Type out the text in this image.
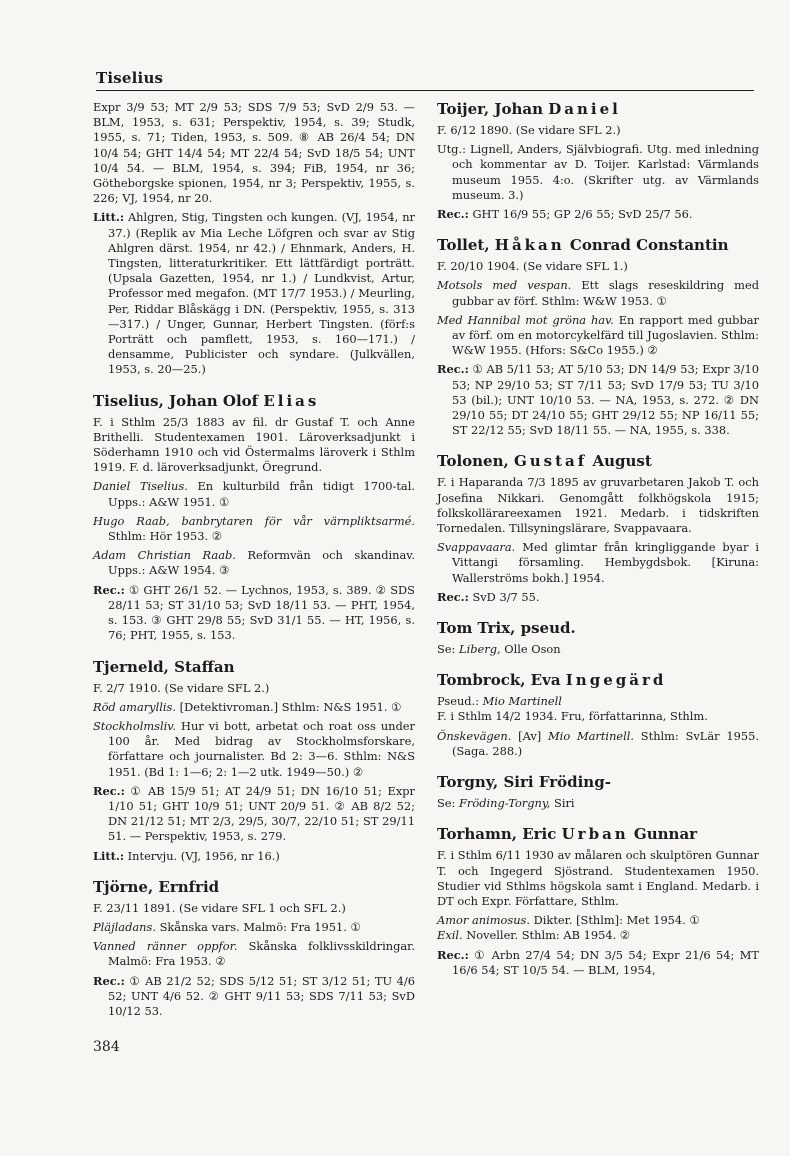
Tiselius

Expr 3/9 53; MT 2/9 53; SDS 7/9 53; SvD 2/9 53. — BLM, 1953, s. 631; Perspektiv, 1954, s. 39; Studk, 1955, s. 71; Tiden, 1953, s. 509. ⑧ AB 26/4 54; DN 10/4 54; GHT 14/4 54; MT 22/4 54; SvD 18/5 54; UNT 10/4 54. — BLM, 1954, s. 394; FiB, 1954, nr 36; Götheborgske spionen, 1954, nr 3; Perspektiv, 1955, s. 226; VJ, 1954, nr 20.

Litt.: Ahlgren, Stig, Tingsten och kungen. (VJ, 1954, nr 37.) (Replik av Mia Leche Löfgren och svar av Stig Ahlgren därst. 1954, nr 42.) / Ehnmark, Anders, H. Tingsten, litteraturkritiker. Ett lättfärdigt porträtt. (Upsala Gazetten, 1954, nr 1.) / Lundkvist, Artur, Professor med megafon. (MT 17/7 1953.) / Meurling, Per, Riddar Blåskägg i DN. (Perspektiv, 1955, s. 313—317.) / Unger, Gunnar, Herbert Tingsten. (förf:s Porträtt och pamflett, 1953, s. 160—171.) / densamme, Publicister och syndare. (Julkvällen, 1953, s. 20—25.)

Tiselius, Johan Olof Elias

F. i Sthlm 25/3 1883 av fil. dr Gustaf T. och Anne Brithelli. Studentexamen 1901. Läroverksadjunkt i Söderhamn 1910 och vid Östermalms läroverk i Sthlm 1919. F. d. läroverksadjunkt, Öregrund.

Daniel Tiselius. En kulturbild från tidigt 1700-tal. Upps.: A&W 1951. ①

Hugo Raab, banbrytaren för vår värnpliktsarmé. Sthlm: Hör 1953. ②

Adam Christian Raab. Reformvän och skandinav. Upps.: A&W 1954. ③

Rec.: ① GHT 26/1 52. — Lychnos, 1953, s. 389. ② SDS 28/11 53; ST 31/10 53; SvD 18/11 53. — PHT, 1954, s. 153. ③ GHT 29/8 55; SvD 31/1 55. — HT, 1956, s. 76; PHT, 1955, s. 153.

Tjerneld, Staffan

F. 2/7 1910. (Se vidare SFL 2.)

Röd amaryllis. [Detektivroman.] Sthlm: N&S 1951. ①

Stockholmsliv. Hur vi bott, arbetat och roat oss under 100 år. Med bidrag av Stockholmsforskare, författare och journalister. Bd 2: 3—6. Sthlm: N&S 1951. (Bd 1: 1—6; 2: 1—2 utk. 1949—50.) ②

Rec.: ① AB 15/9 51; AT 24/9 51; DN 16/10 51; Expr 1/10 51; GHT 10/9 51; UNT 20/9 51. ② AB 8/2 52; DN 21/12 51; MT 2/3, 29/5, 30/7, 22/10 51; ST 29/11 51. — Perspektiv, 1953, s. 279.

Litt.: Intervju. (VJ, 1956, nr 16.)

Tjörne, Ernfrid

F. 23/11 1891. (Se vidare SFL 1 och SFL 2.)

Pläjladans. Skånska vars. Malmö: Fra 1951. ①

Vanned ränner oppfor. Skånska folklivsskildringar. Malmö: Fra 1953. ②

Rec.: ① AB 21/2 52; SDS 5/12 51; ST 3/12 51; TU 4/6 52; UNT 4/6 52. ② GHT 9/11 53; SDS 7/11 53; SvD 10/12 53.

Toijer, Johan Daniel

F. 6/12 1890. (Se vidare SFL 2.)

Utg.: Lignell, Anders, Självbiografi. Utg. med inledning och kommentar av D. Toijer. Karlstad: Värmlands museum 1955. 4:o. (Skrifter utg. av Värmlands museum. 3.)

Rec.: GHT 16/9 55; GP 2/6 55; SvD 25/7 56.

Tollet, Håkan Conrad Constantin

F. 20/10 1904. (Se vidare SFL 1.)

Motsols med vespan. Ett slags reseskildring med gubbar av förf. Sthlm: W&W 1953. ①

Med Hannibal mot gröna hav. En rapport med gubbar av förf. om en motorcykelfärd till Jugoslavien. Sthlm: W&W 1955. (Hfors: S&Co 1955.) ②

Rec.: ① AB 5/11 53; AT 5/10 53; DN 14/9 53; Expr 3/10 53; NP 29/10 53; ST 7/11 53; SvD 17/9 53; TU 3/10 53 (bil.); UNT 10/10 53. — NA, 1953, s. 272. ② DN 29/10 55; DT 24/10 55; GHT 29/12 55; NP 16/11 55; ST 22/12 55; SvD 18/11 55. — NA, 1955, s. 338.

Tolonen, Gustaf August

F. i Haparanda 7/3 1895 av gruvarbetaren Jakob T. och Josefina Nikkari. Genomgått folkhögskola 1915; folkskollärareexamen 1921. Medarb. i tidskriften Tornedalen. Tillsyningslärare, Svappavaara.

Svappavaara. Med glimtar från kringliggande byar i Vittangi församling. Hembygdsbok. [Kiruna: Wallerströms bokh.] 1954.

Rec.: SvD 3/7 55.

Tom Trix, pseud.

Se: Liberg, Olle Oson

Tombrock, Eva Ingegärd

Pseud.: Mio Martinell

F. i Sthlm 14/2 1934. Fru, författarinna, Sthlm.

Önskevägen. [Av] Mio Martinell. Sthlm: SvLär 1955. (Saga. 288.)

Torgny, Siri Fröding-

Se: Fröding-Torgny, Siri

Torhamn, Eric Urban Gunnar

F. i Sthlm 6/11 1930 av målaren och skulptören Gunnar T. och Ingegerd Sjöstrand. Studentexamen 1950. Studier vid Sthlms högskola samt i England. Medarb. i DT och Expr. Författare, Sthlm.

Amor animosus. Dikter. [Sthlm]: Met 1954. ①

Exil. Noveller. Sthlm: AB 1954. ②

Rec.: ① Arbn 27/4 54; DN 3/5 54; Expr 21/6 54; MT 16/6 54; ST 10/5 54. — BLM, 1954,

384
